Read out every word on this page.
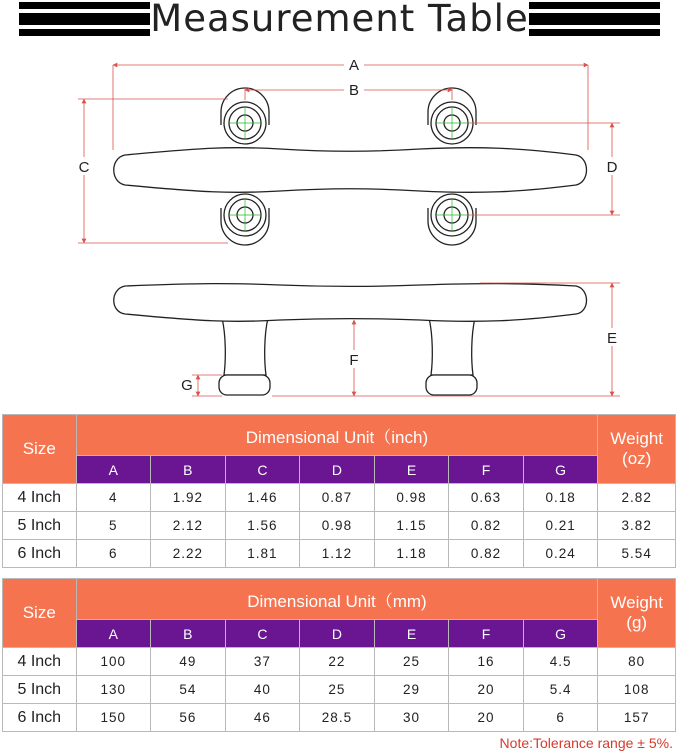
Measurement Table
A
B
C	D
E
F
G
Size	Dimensional Unit（inch)							Weight
(oz)
	A	B	C	D	E	F	G	
4 Inch	4	1.92	1.46	0.87	0.98	0.63	0.18	2.82
5 Inch	5	2.12	1.56	0.98	1.15	0.82	0.21	3.82
6 Inch	6	2.22	1.81	1.12	1.18	0.82	0.24	5.54
Size	Dimensional Unit（mm)							Weight
(g)
	A	B	C	D	E	F	G	
4 Inch	100	49	37	22	25	16	4.5	80
5 Inch	130	54	40	25	29	20	5.4	108
6 Inch	150	56	46	28.5	30	20	6	157
Note:Tolerance range ± 5%.
